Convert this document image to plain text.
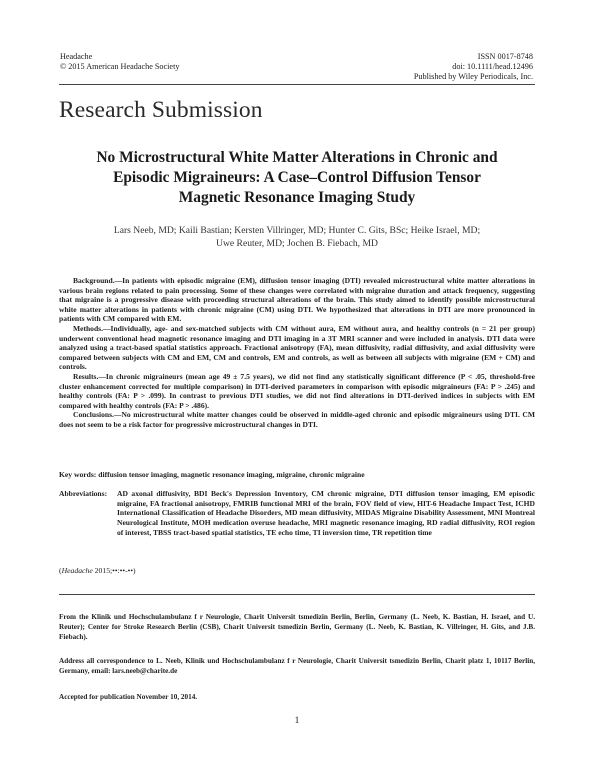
Headache
© 2015 American Headache Society
ISSN 0017-8748
doi: 10.1111/head.12496
Published by Wiley Periodicals, Inc.
Research Submission
No Microstructural White Matter Alterations in Chronic and
Episodic Migraineurs: A Case–Control Diffusion Tensor
Magnetic Resonance Imaging Study
Lars Neeb, MD; Kaili Bastian; Kersten Villringer, MD; Hunter C. Gits, BSc; Heike Israel, MD;
Uwe Reuter, MD; Jochen B. Fiebach, MD

Background.—In patients with episodic migraine (EM), diffusion tensor imaging (DTI) revealed microstructural white matter alterations in various brain regions related to pain processing. Some of these changes were correlated with migraine duration and attack frequency, suggesting that migraine is a progressive disease with proceeding structural alterations of the brain. This study aimed to identify possible microstructural white matter alterations in patients with chronic migraine (CM) using DTI. We hypothesized that alterations in DTI are more pronounced in patients with CM compared with EM.

Methods.—Individually, age- and sex-matched subjects with CM without aura, EM without aura, and healthy controls (n = 21 per group) underwent conventional head magnetic resonance imaging and DTI imaging in a 3T MRI scanner and were included in analysis. DTI data were analyzed using a tract-based spatial statistics approach. Fractional anisotropy (FA), mean diffusivity, radial diffusivity, and axial diffusivity were compared between subjects with CM and EM, CM and controls, EM and controls, as well as between all subjects with migraine (EM + CM) and controls.

Results.—In chronic migraineurs (mean age 49 ± 7.5 years), we did not find any statistically significant difference (P < .05, threshold-free cluster enhancement corrected for multiple comparison) in DTI-derived parameters in comparison with episodic migraineurs (FA: P > .245) and healthy controls (FA: P > .099). In contrast to previous DTI studies, we did not find alterations in DTI-derived indices in subjects with EM compared with healthy controls (FA: P > .486).

Conclusions.—No microstructural white matter changes could be observed in middle-aged chronic and episodic migraineurs using DTI. CM does not seem to be a risk factor for progressive microstructural changes in DTI.

Key words: diffusion tensor imaging, magnetic resonance imaging, migraine, chronic migraine
Abbreviations:	AD axonal diffusivity, BDI Beck's Depression Inventory, CM chronic migraine, DTI diffusion tensor imaging, EM episodic migraine, FA fractional anisotropy, FMRIB functional MRI of the brain, FOV field of view, HIT-6 Headache Impact Test, ICHD International Classification of Headache Disorders, MD mean diffusivity, MIDAS Migraine Disability Assessment, MNI Montreal Neurological Institute, MOH medication overuse headache, MRI magnetic resonance imaging, RD radial diffusivity, ROI region of interest, TBSS tract-based spatial statistics, TE echo time, TI inversion time, TR repetition time
(Headache 2015;••:••-••)
From the Klinik und Hochschulambulanz f r Neurologie, Charit Universit tsmedizin Berlin, Berlin, Germany (L. Neeb, K. Bastian, H. Israel, and U. Reuter); Center for Stroke Research Berlin (CSB), Charit Universit tsmedizin Berlin, Germany (L. Neeb, K. Bastian, K. Villringer, H. Gits, and J.B. Fiebach).
Address all correspondence to L. Neeb, Klinik und Hochschulambulanz f r Neurologie, Charit Universit tsmedizin Berlin, Charit platz 1, 10117 Berlin, Germany, email: lars.neeb@charite.de
Accepted for publication November 10, 2014.
1
